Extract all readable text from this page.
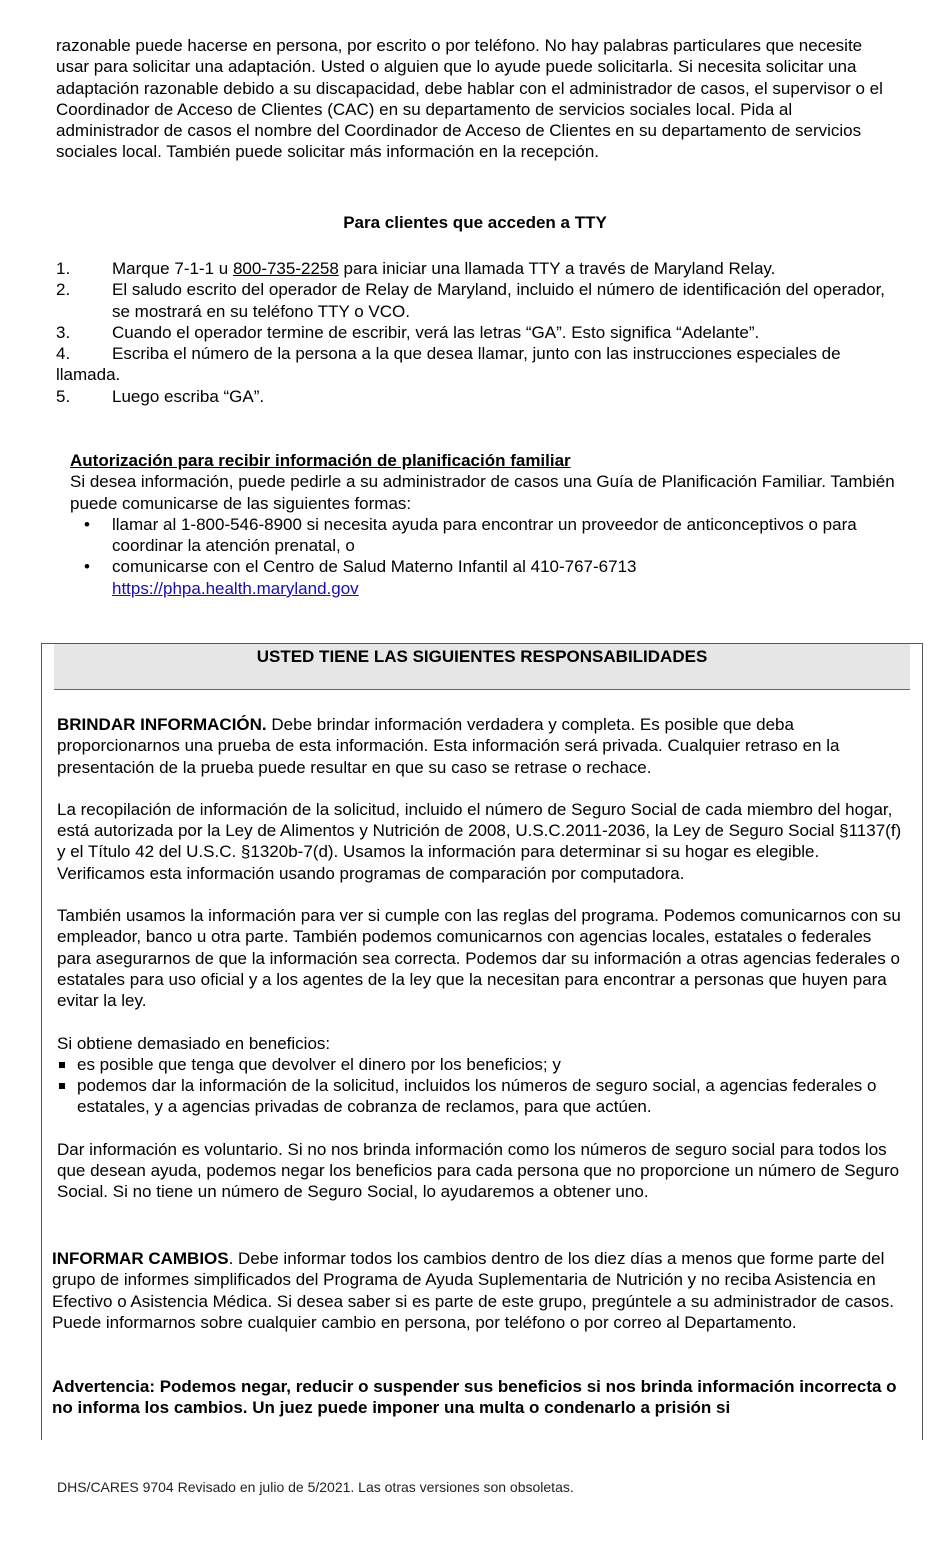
razonable puede hacerse en persona, por escrito o por teléfono. No hay palabras particulares que necesite usar para solicitar una adaptación. Usted o alguien que lo ayude puede solicitarla. Si necesita solicitar una adaptación razonable debido a su discapacidad, debe hablar con el administrador de casos, el supervisor o el Coordinador de Acceso de Clientes (CAC) en su departamento de servicios sociales local. Pida al administrador de casos el nombre del Coordinador de Acceso de Clientes en su departamento de servicios sociales local. También puede solicitar más información en la recepción.
Para clientes que acceden a TTY
1.	Marque 7-1-1 u 800-735-2258 para iniciar una llamada TTY a través de Maryland Relay.
2.	El saludo escrito del operador de Relay de Maryland, incluido el número de identificación del operador, se mostrará en su teléfono TTY o VCO.
3.	Cuando el operador termine de escribir, verá las letras “GA”. Esto significa “Adelante”.
4. Escriba el número de la persona a la que desea llamar, junto con las instrucciones especiales de llamada.
5.	Luego escriba “GA”.
Autorización para recibir información de planificación familiar
Si desea información, puede pedirle a su administrador de casos una Guía de Planificación Familiar. También puede comunicarse de las siguientes formas:
• llamar al 1-800-546-8900 si necesita ayuda para encontrar un proveedor de anticonceptivos o para coordinar la atención prenatal, o
• comunicarse con el Centro de Salud Materno Infantil al 410-767-6713
https://phpa.health.maryland.gov
USTED TIENE LAS SIGUIENTES RESPONSABILIDADES

BRINDAR INFORMACIÓN. Debe brindar información verdadera y completa. Es posible que deba proporcionarnos una prueba de esta información. Esta información será privada. Cualquier retraso en la presentación de la prueba puede resultar en que su caso se retrase o rechace.

La recopilación de información de la solicitud, incluido el número de Seguro Social de cada miembro del hogar, está autorizada por la Ley de Alimentos y Nutrición de 2008, U.S.C.2011-2036, la Ley de Seguro Social §1137(f) y el Título 42 del U.S.C. §1320b-7(d). Usamos la información para determinar si su hogar es elegible. Verificamos esta información usando programas de comparación por computadora.

También usamos la información para ver si cumple con las reglas del programa. Podemos comunicarnos con su empleador, banco u otra parte. También podemos comunicarnos con agencias locales, estatales o federales para asegurarnos de que la información sea correcta. Podemos dar su información a otras agencias federales o estatales para uso oficial y a los agentes de la ley que la necesitan para encontrar a personas que huyen para evitar la ley.

Si obtiene demasiado en beneficios:
es posible que tenga que devolver el dinero por los beneficios; y
podemos dar la información de la solicitud, incluidos los números de seguro social, a agencias federales o estatales, y a agencias privadas de cobranza de reclamos, para que actúen.

Dar información es voluntario. Si no nos brinda información como los números de seguro social para todos los que desean ayuda, podemos negar los beneficios para cada persona que no proporcione un número de Seguro Social. Si no tiene un número de Seguro Social, lo ayudaremos a obtener uno.

INFORMAR CAMBIOS. Debe informar todos los cambios dentro de los diez días a menos que forme parte del grupo de informes simplificados del Programa de Ayuda Suplementaria de Nutrición y no reciba Asistencia en Efectivo o Asistencia Médica. Si desea saber si es parte de este grupo, pregúntele a su administrador de casos. Puede informarnos sobre cualquier cambio en persona, por teléfono o por correo al Departamento.

Advertencia: Podemos negar, reducir o suspender sus beneficios si nos brinda información incorrecta o no informa los cambios. Un juez puede imponer una multa o condenarlo a prisión si

DHS/CARES 9704 Revisado en julio de 5/2021. Las otras versiones son obsoletas.
